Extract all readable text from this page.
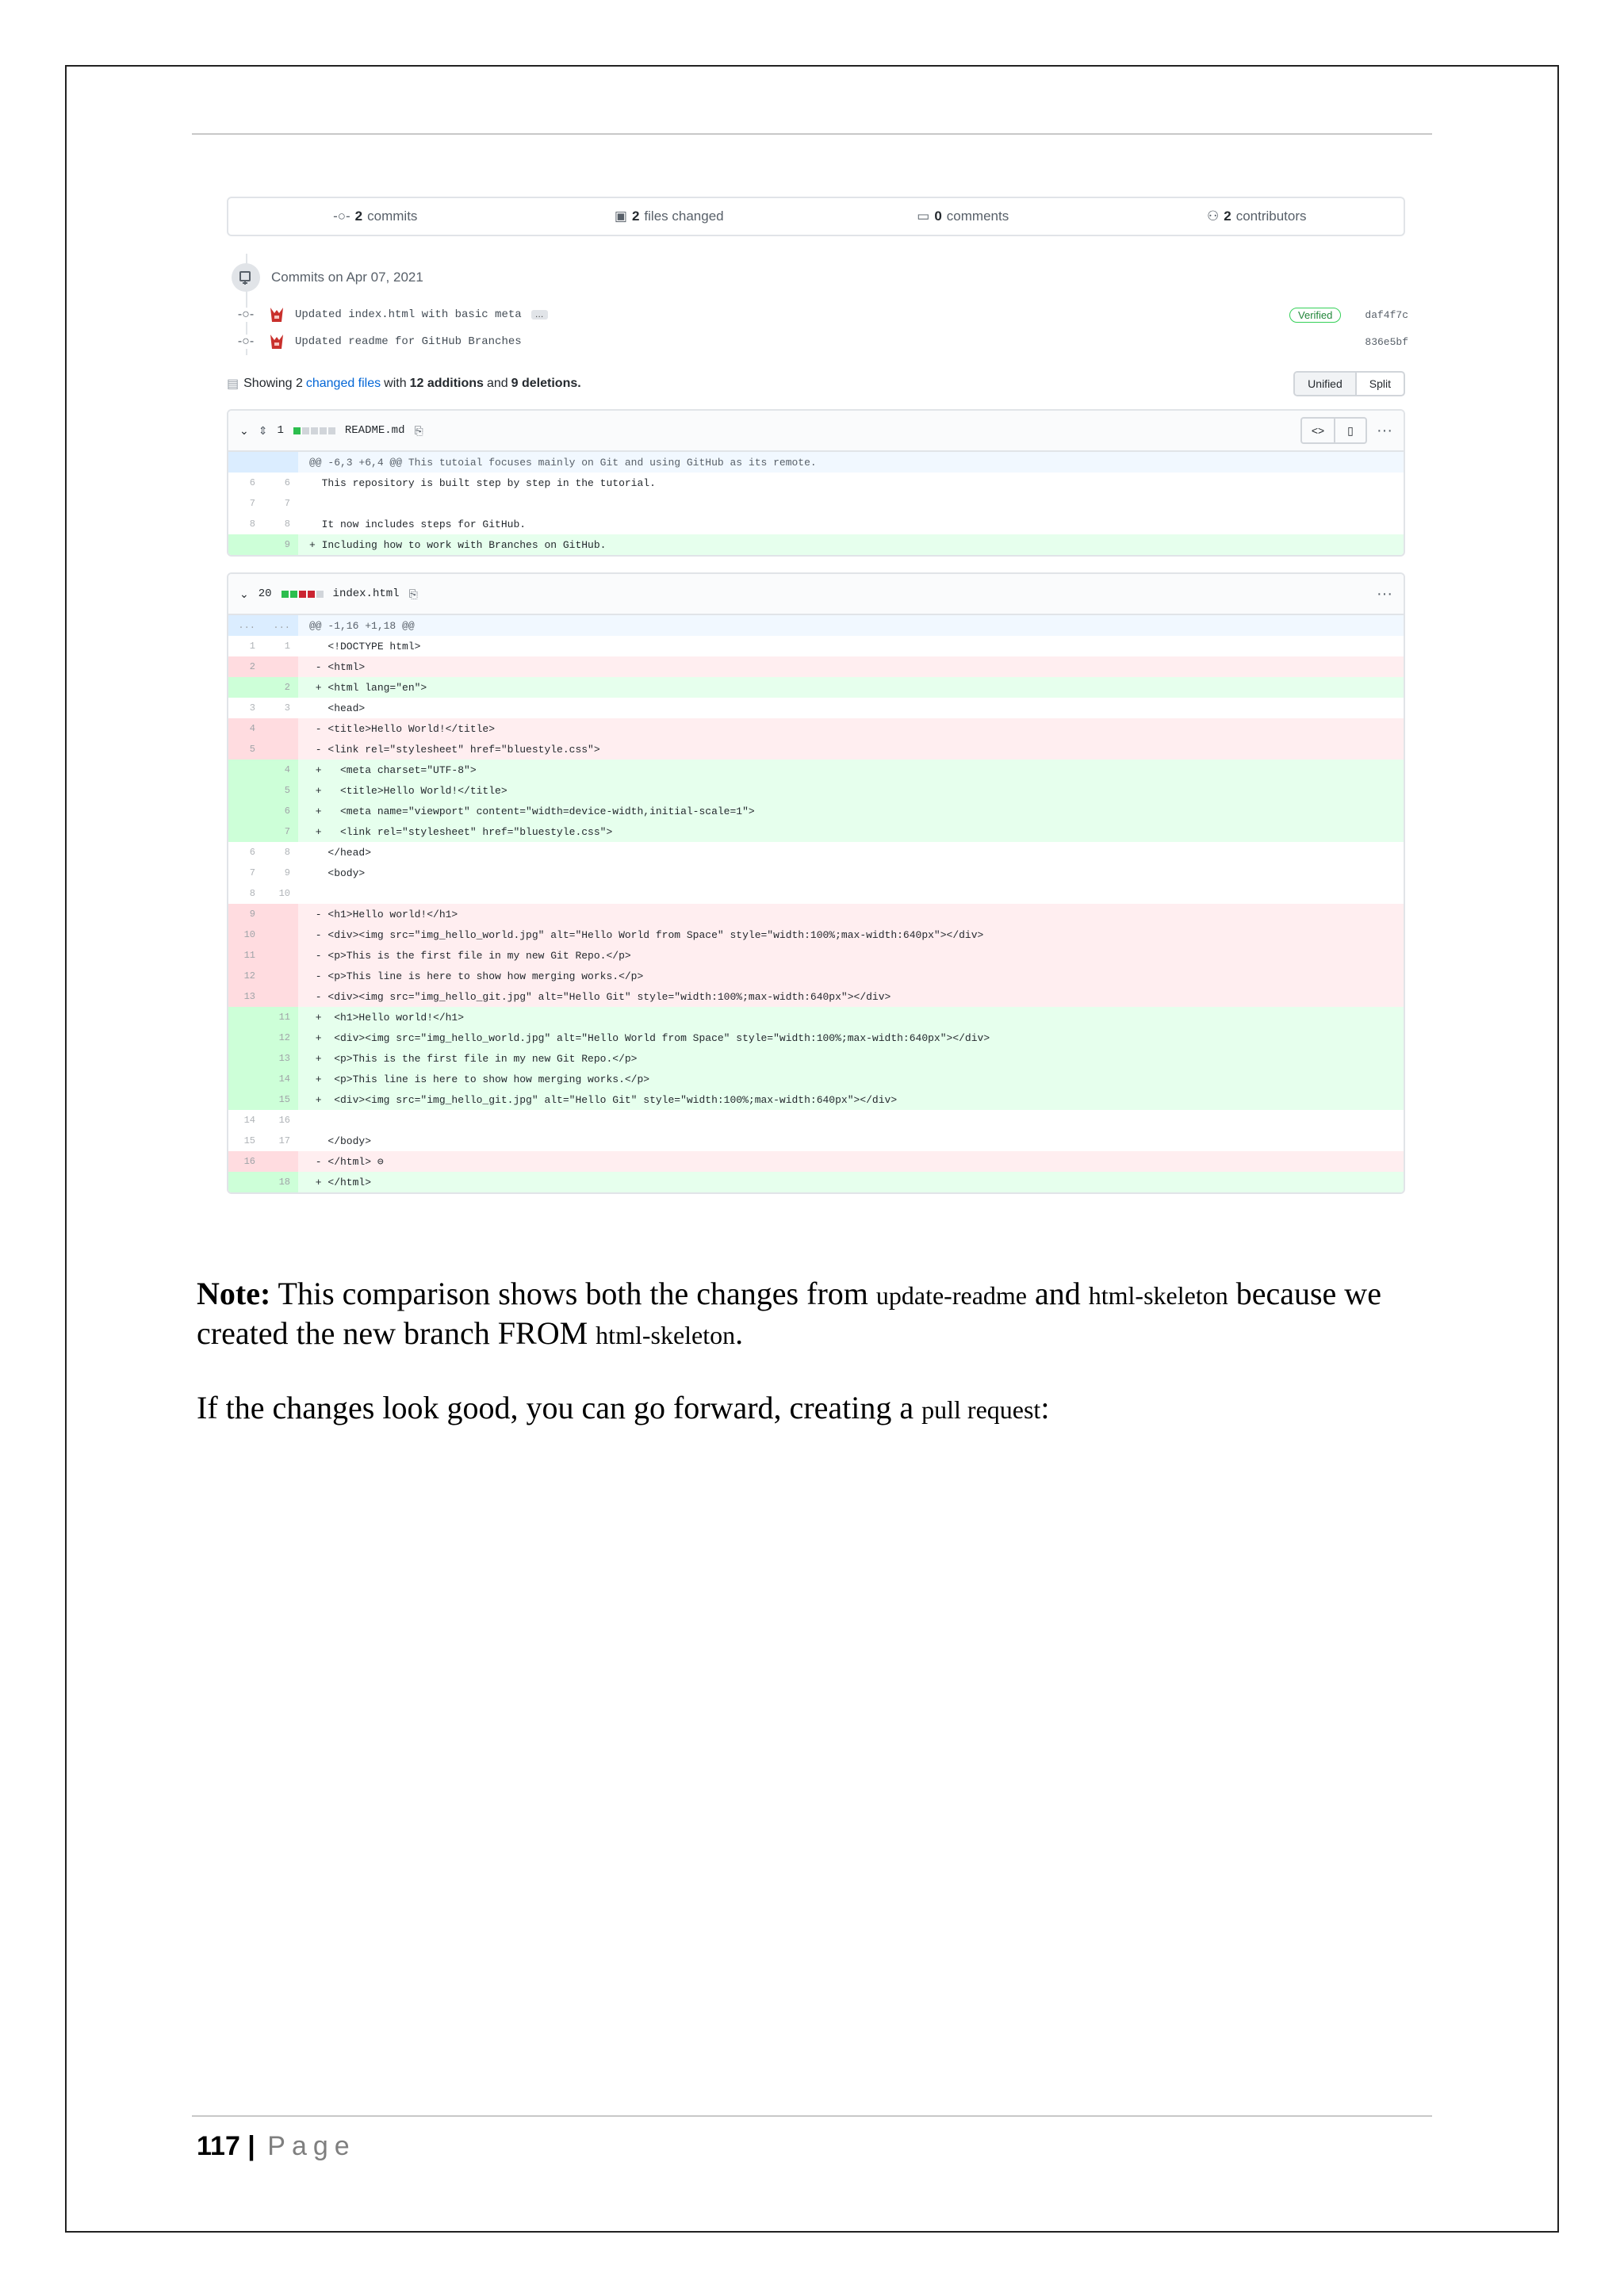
-○- 2 commits	▣ 2 files changed	▭ 0 comments	⚇ 2 contributors
Commits on Apr 07, 2021
-○-	Updated index.html with basic meta	…	Verified	daf4f7c
-○-	Updated readme for GitHub Branches	836e5bf
▤ Showing 2 changed files with 12 additions and 9 deletions.	Unified	Split
⌄ ⇕ 1	README.md ⎘	<>	▯	···
@@ -6,3 +6,4 @@ This tutoial focuses mainly on Git and using GitHub as its remote.
6	6	This repository is built step by step in the tutorial.
7	7
8	8	It now includes steps for GitHub.
9	+ Including how to work with Branches on GitHub.
⌄ 20	index.html ⎘	···
...	...	@@ -1,16 +1,18 @@
1	1	<!DOCTYPE html>
2	- <html>
2	+ <html lang="en">
3	3	<head>
4	- <title>Hello World!</title>
5	- <link rel="stylesheet" href="bluestyle.css">
4	+   <meta charset="UTF-8">
5	+   <title>Hello World!</title>
6	+   <meta name="viewport" content="width=device-width,initial-scale=1">
7	+   <link rel="stylesheet" href="bluestyle.css">
6	8	</head>
7	9	<body>
8	10
9	- <h1>Hello world!</h1>
10	- <div><img src="img_hello_world.jpg" alt="Hello World from Space" style="width:100%;max-width:640px"></div>
11	- <p>This is the first file in my new Git Repo.</p>
12	- <p>This line is here to show how merging works.</p>
13	- <div><img src="img_hello_git.jpg" alt="Hello Git" style="width:100%;max-width:640px"></div>
11	+  <h1>Hello world!</h1>
12	+  <div><img src="img_hello_world.jpg" alt="Hello World from Space" style="width:100%;max-width:640px"></div>
13	+  <p>This is the first file in my new Git Repo.</p>
14	+  <p>This line is here to show how merging works.</p>
15	+  <div><img src="img_hello_git.jpg" alt="Hello Git" style="width:100%;max-width:640px"></div>
14	16
15	17	</body>
16	- </html> ⊖
18	+ </html>
Note: This comparison shows both the changes from update-readme and html-skeleton because we created the new branch FROM html-skeleton.
If the changes look good, you can go forward, creating a pull request:
117 | Page
